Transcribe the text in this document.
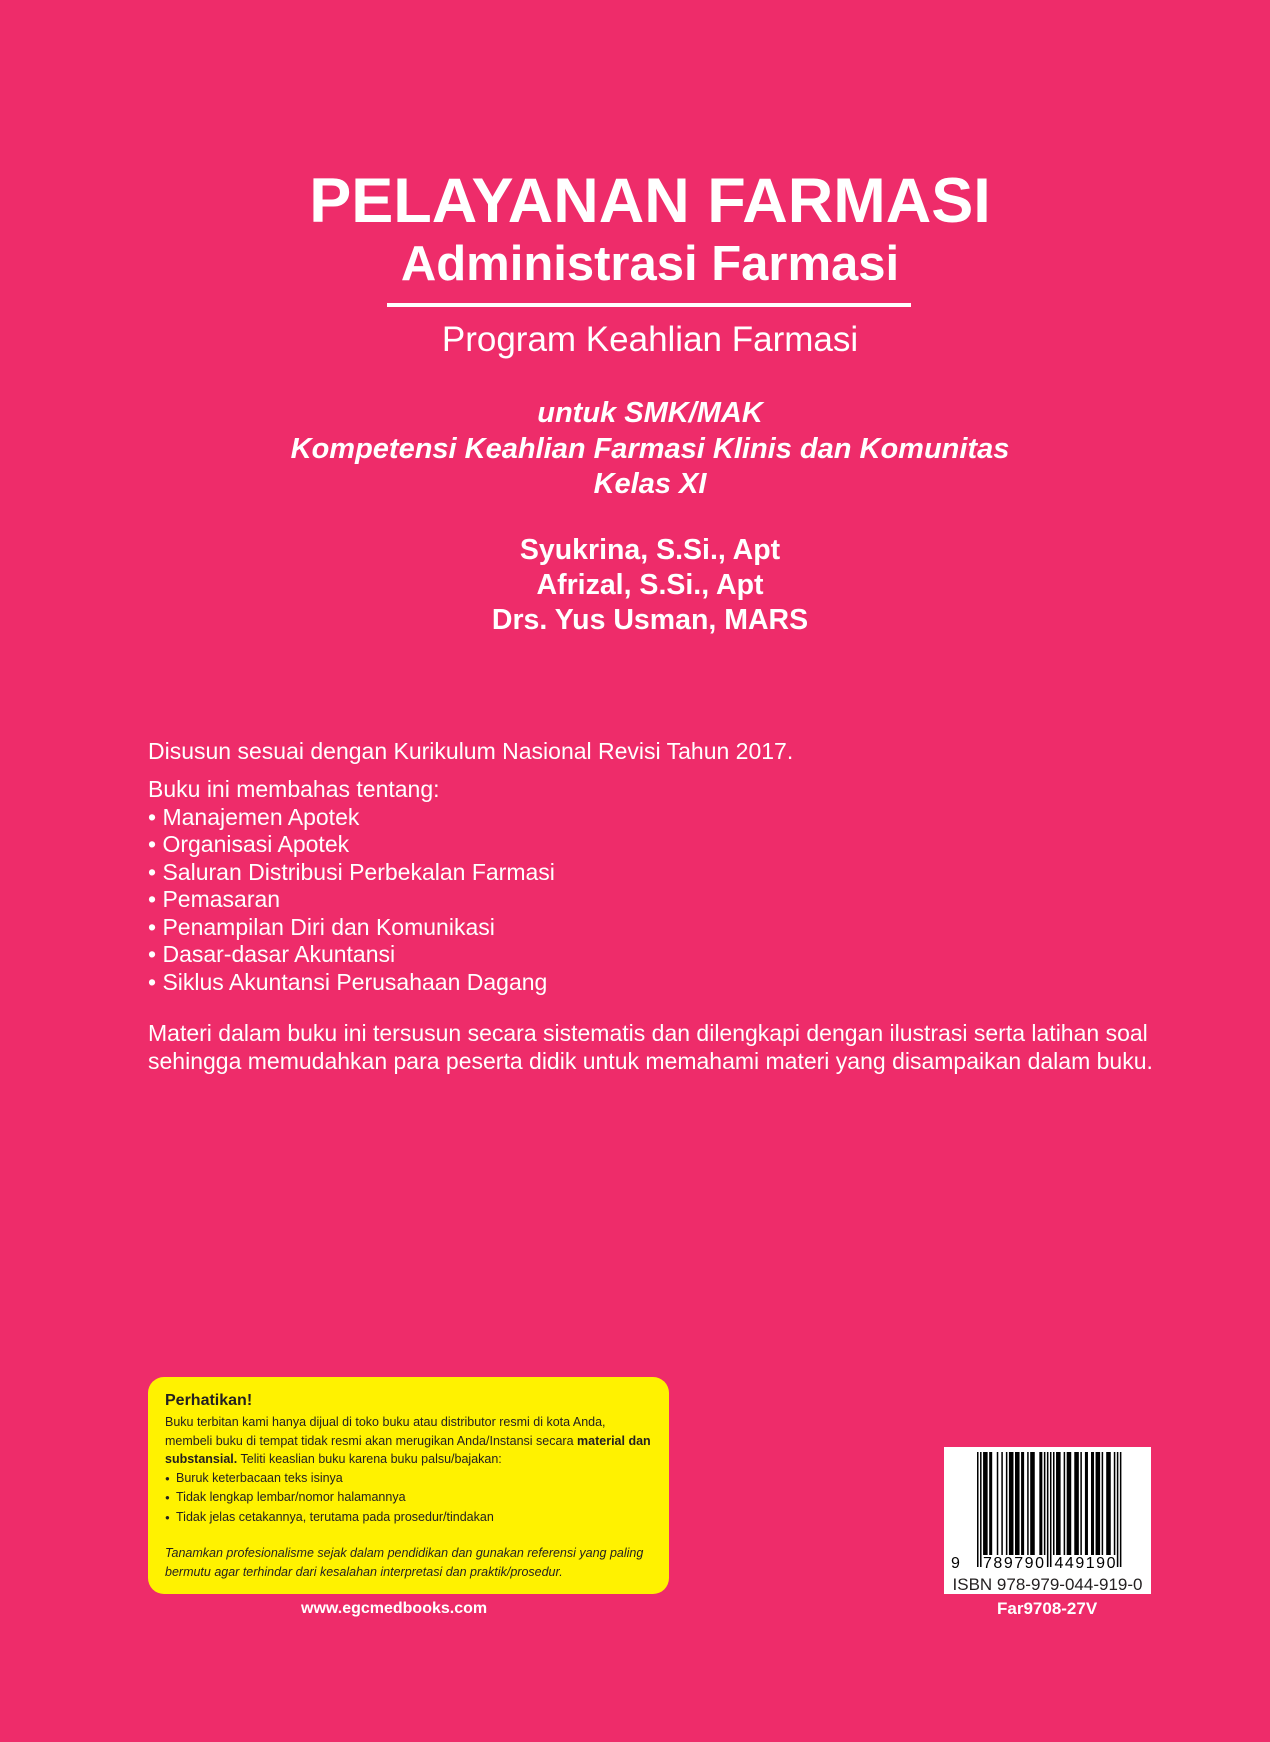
PELAYANAN FARMASI
Administrasi Farmasi
Program Keahlian Farmasi
untuk SMK/MAK
Kompetensi Keahlian Farmasi Klinis dan Komunitas
Kelas XI
Syukrina, S.Si., Apt
Afrizal, S.Si., Apt
Drs. Yus Usman, MARS
Disusun sesuai dengan Kurikulum Nasional Revisi Tahun 2017.
Buku ini membahas tentang:
• Manajemen Apotek
• Organisasi Apotek
• Saluran Distribusi Perbekalan Farmasi
• Pemasaran
• Penampilan Diri dan Komunikasi
• Dasar-dasar Akuntansi
• Siklus Akuntansi Perusahaan Dagang
Materi dalam buku ini tersusun secara sistematis dan dilengkapi dengan ilustrasi serta latihan soal
sehingga memudahkan para peserta didik untuk memahami materi yang disampaikan dalam buku.
Perhatikan!
Buku terbitan kami hanya dijual di toko buku atau distributor resmi di kota Anda,
membeli buku di tempat tidak resmi akan merugikan Anda/Instansi secara material dan
substansial. Teliti keaslian buku karena buku palsu/bajakan:
● Buruk keterbacaan teks isinya
● Tidak lengkap lembar/nomor halamannya
● Tidak jelas cetakannya, terutama pada prosedur/tindakan
Tanamkan profesionalisme sejak dalam pendidikan dan gunakan referensi yang paling
bermutu agar terhindar dari kesalahan interpretasi dan praktik/prosedur.
www.egcmedbooks.com
9 789790 449190
ISBN 978-979-044-919-0
Far9708-27V
